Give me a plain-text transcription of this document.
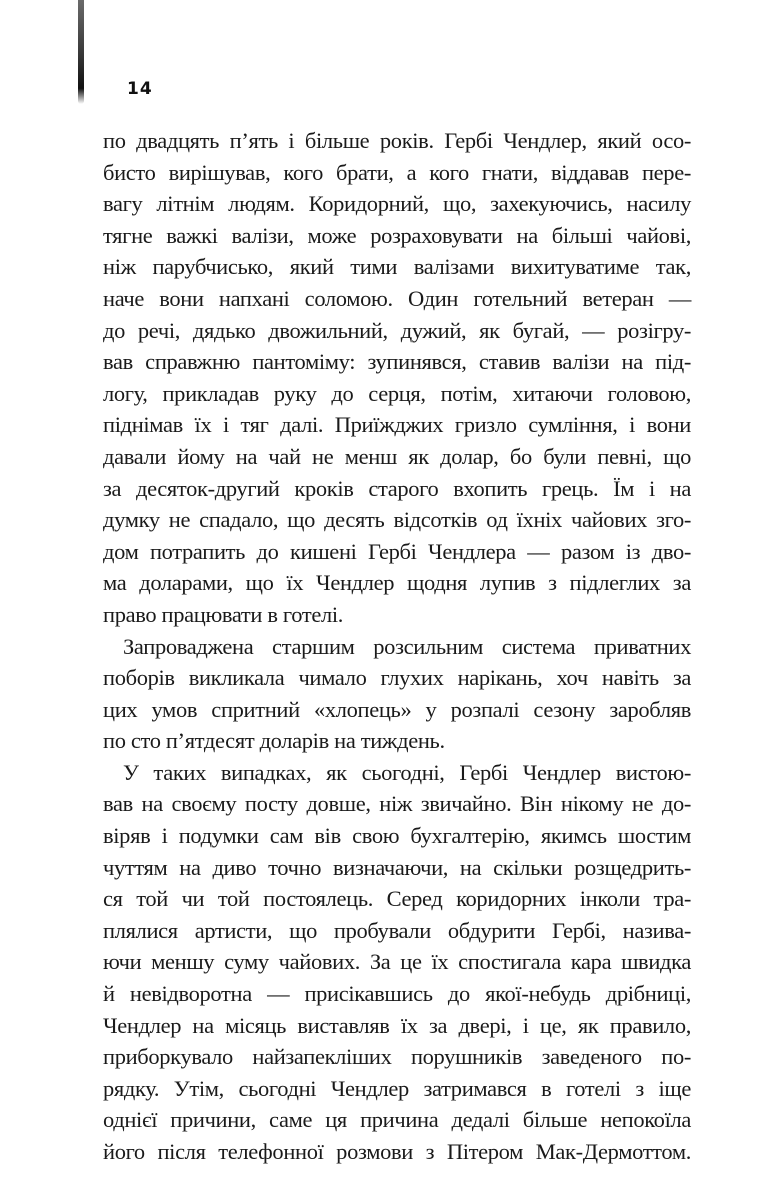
14
по двадцять п’ять і більше років. Гербі Чендлер, який осо-
бисто вирішував, кого брати, а кого гнати, віддавав пере-
вагу літнім людям. Коридорний, що, захекуючись, насилу
тягне важкі валізи, може розраховувати на більші чайові,
ніж парубчисько, який тими валізами вихитуватиме так,
наче вони напхані соломою. Один готельний ветеран —
до речі, дядько двожильний, дужий, як бугай, — розігру-
вав справжню пантоміму: зупинявся, ставив валізи на під-
логу, прикладав руку до серця, потім, хитаючи головою,
піднімав їх і тяг далі. Приїжджих гризло сумління, і вони
давали йому на чай не менш як долар, бо були певні, що
за десяток-другий кроків старого вхопить грець. Їм і на
думку не спадало, що десять відсотків од їхніх чайових зго-
дом потрапить до кишені Гербі Чендлера — разом із дво-
ма доларами, що їх Чендлер щодня лупив з підлеглих за
право працювати в готелі.
Запроваджена старшим розсильним система приватних
поборів викликала чимало глухих нарікань, хоч навіть за
цих умов спритний «хлопець» у розпалі сезону заробляв
по сто п’ятдесят доларів на тиждень.
У таких випадках, як сьогодні, Гербі Чендлер вистою-
вав на своєму посту довше, ніж звичайно. Він нікому не до-
віряв і подумки сам вів свою бухгалтерію, якимсь шостим
чуттям на диво точно визначаючи, на скільки розщедрить-
ся той чи той постоялець. Серед коридорних інколи тра-
плялися артисти, що пробували обдурити Гербі, назива-
ючи меншу суму чайових. За це їх спостигала кара швидка
й невідворотна — присікавшись до якої-небудь дрібниці,
Чендлер на місяць виставляв їх за двері, і це, як правило,
приборкувало найзапекліших порушників заведеного по-
рядку. Утім, сьогодні Чендлер затримався в готелі з іще
однієї причини, саме ця причина дедалі більше непокоїла
його після телефонної розмови з Пітером Мак-Дермоттом.
